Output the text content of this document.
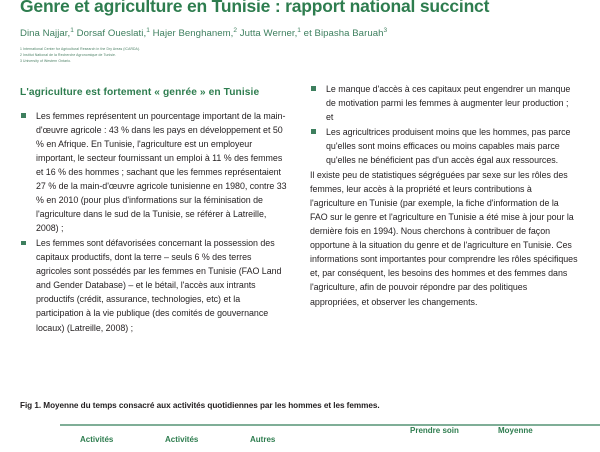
Genre et agriculture en Tunisie : rapport national succinct
Dina Najjar,$^1$ Dorsaf Oueslati,$^1$ Hajer Benghanem,$^2$ Jutta Werner,$^1$ et Bipasha Baruah$^3$
1 International Center for Agricultural Research in the Dry Areas (ICARDA).
2 Institut National de la Recherche Agronomique de Tunisie.
3 University of Western Ontario.
L'agriculture est fortement « genrée » en Tunisie
Les femmes représentent un pourcentage important de la main-d'œuvre agricole : 43 % dans les pays en développement et 50 % en Afrique. En Tunisie, l'agriculture est un employeur important, le secteur fournissant un emploi à 11 % des femmes et 16 % des hommes ; sachant que les femmes représentaient 27 % de la main-d'œuvre agricole tunisienne en 1980, contre 33 % en 2010 (pour plus d'informations sur la féminisation de l'agriculture dans le sud de la Tunisie, se référer à Latreille, 2008) ;
Les femmes sont défavorisées concernant la possession des capitaux productifs, dont la terre – seuls 6 % des terres agricoles sont possédés par les femmes en Tunisie (FAO Land and Gender Database) – et le bétail, l'accès aux intrants productifs (crédit, assurance, technologies, etc) et la participation à la vie publique (des comités de gouvernance locaux) (Latreille, 2008) ;
Le manque d'accès à ces capitaux peut engendrer un manque de motivation parmi les femmes à augmenter leur production ; et
Les agricultrices produisent moins que les hommes, pas parce qu'elles sont moins efficaces ou moins capables mais parce qu'elles ne bénéficient pas d'un accès égal aux ressources.

Il existe peu de statistiques ségréguées par sexe sur les rôles des femmes, leur accès à la propriété et leurs contributions à l'agriculture en Tunisie (par exemple, la fiche d'information de la FAO sur le genre et l'agriculture en Tunisie a été mise à jour pour la dernière fois en 1994). Nous cherchons à contribuer de façon opportune à la situation du genre et de l'agriculture en Tunisie. Ces informations sont importantes pour comprendre les rôles spécifiques et, par conséquent, les besoins des hommes et des femmes dans l'agriculture, afin de pouvoir répondre par des politiques appropriées, et observer les changements.

Fig 1. Moyenne du temps consacré aux activités quotidiennes par les hommes et les femmes.
Activités	Activités	Autres
Prendre soin	Moyenne
